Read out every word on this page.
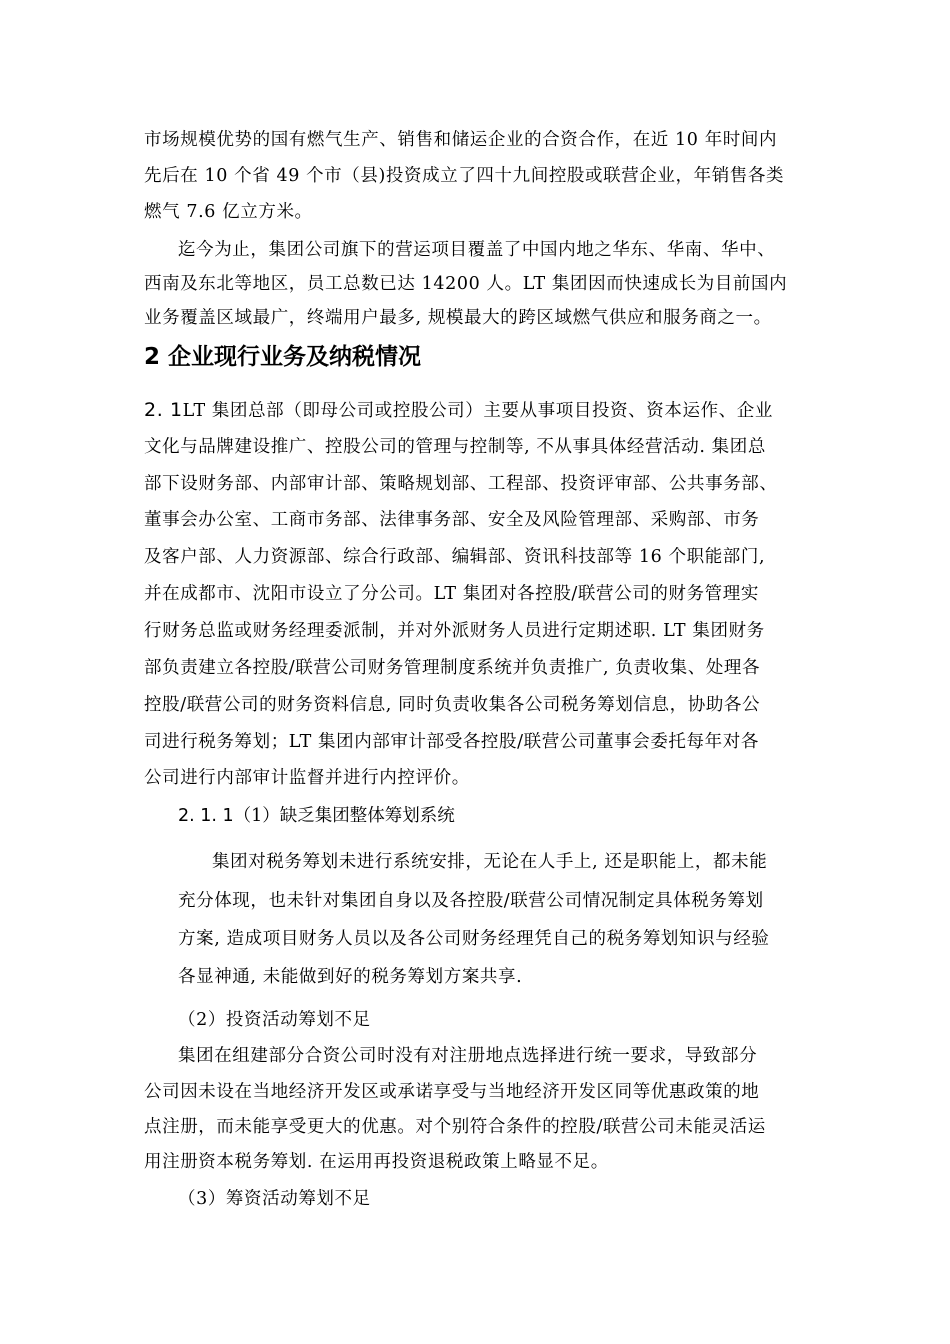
市场规模优势的国有燃气生产、销售和储运企业的合资合作，在近 10 年时间内
先后在 10 个省 49 个市（县)投资成立了四十九间控股或联营企业，年销售各类
燃气 7.6 亿立方米。
迄今为止，集团公司旗下的营运项目覆盖了中国内地之华东、华南、华中、
西南及东北等地区，员工总数已达 14200 人。LT 集团因而快速成长为目前国内
业务覆盖区域最广，终端用户最多, 规模最大的跨区域燃气供应和服务商之一。
2 企业现行业务及纳税情况
2. 1LT 集团总部（即母公司或控股公司）主要从事项目投资、资本运作、企业
文化与品牌建设推广、控股公司的管理与控制等, 不从事具体经营活动. 集团总
部下设财务部、内部审计部、策略规划部、工程部、投资评审部、公共事务部、
董事会办公室、工商市务部、法律事务部、安全及风险管理部、采购部、市务
及客户部、人力资源部、综合行政部、编辑部、资讯科技部等 16 个职能部门,
并在成都市、沈阳市设立了分公司。LT 集团对各控股/联营公司的财务管理实
行财务总监或财务经理委派制，并对外派财务人员进行定期述职. LT 集团财务
部负责建立各控股/联营公司财务管理制度系统并负责推广, 负责收集、处理各
控股/联营公司的财务资料信息, 同时负责收集各公司税务筹划信息，协助各公
司进行税务筹划；LT 集团内部审计部受各控股/联营公司董事会委托每年对各
公司进行内部审计监督并进行内控评价。
2. 1. 1（1）缺乏集团整体筹划系统
集团对税务筹划未进行系统安排，无论在人手上, 还是职能上，都未能
充分体现，也未针对集团自身以及各控股/联营公司情况制定具体税务筹划
方案, 造成项目财务人员以及各公司财务经理凭自己的税务筹划知识与经验
各显神通, 未能做到好的税务筹划方案共享.
（2）投资活动筹划不足
集团在组建部分合资公司时没有对注册地点选择进行统一要求，导致部分
公司因未设在当地经济开发区或承诺享受与当地经济开发区同等优惠政策的地
点注册，而未能享受更大的优惠。对个别符合条件的控股/联营公司未能灵活运
用注册资本税务筹划. 在运用再投资退税政策上略显不足。
（3）筹资活动筹划不足
